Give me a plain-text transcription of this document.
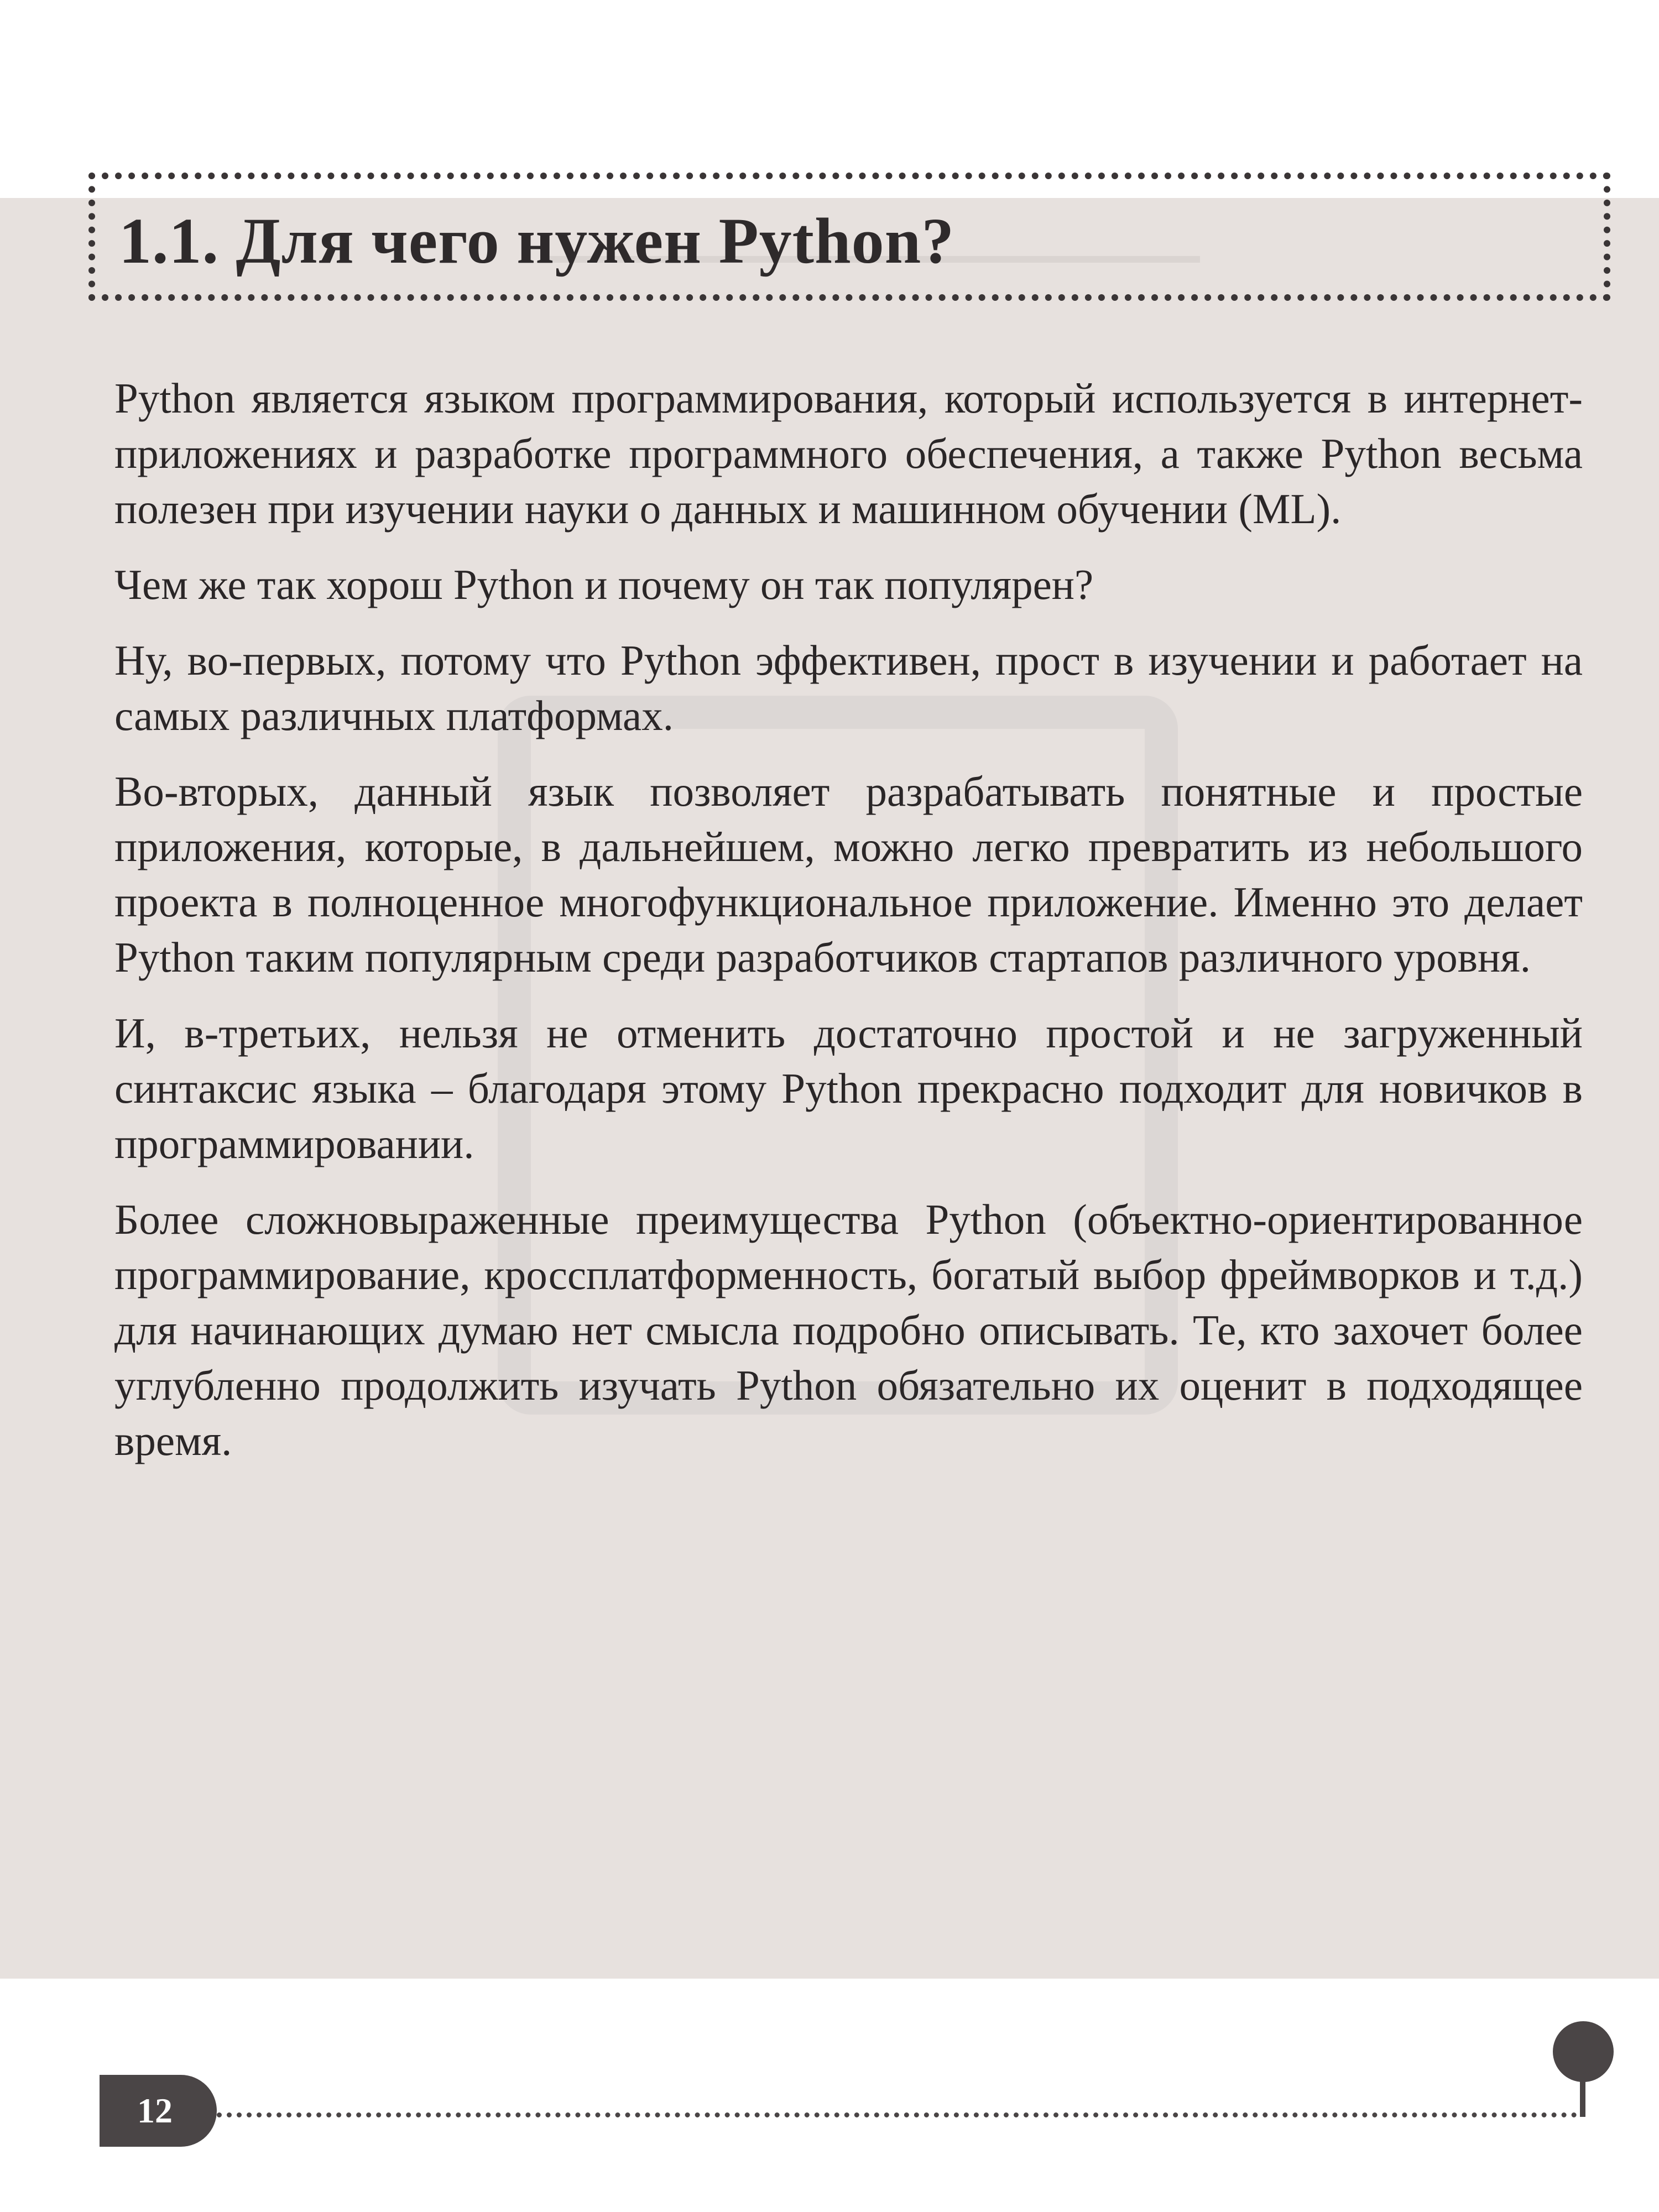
1.1. Для чего нужен Python?

Python является языком программирования, который используется в интернет-приложениях и разработке программного обеспечения, а также Python весьма полезен при изучении науки о данных и машинном обучении (ML).

Чем же так хорош Python и почему он так популярен?

Ну, во-первых, потому что Python эффективен, прост в изучении и работает на самых различных платформах.

Во-вторых, данный язык позволяет разрабатывать понятные и простые приложения, которые, в дальнейшем, можно легко превратить из небольшого проекта в полноценное многофункциональное приложение. Именно это делает Python таким популярным среди разработчиков стартапов различного уровня.

И, в-третьих, нельзя не отменить достаточно простой и не загруженный синтаксис языка – благодаря этому Python прекрасно подходит для новичков в программировании.

Более сложновыраженные преимущества Python (объектно-ориентированное программирование, кроссплатформенность, богатый выбор фреймворков и т.д.) для начинающих думаю нет смысла подробно описывать. Те, кто захочет более углубленно продолжить изучать Python обязательно их оценит в подходящее время.

12
